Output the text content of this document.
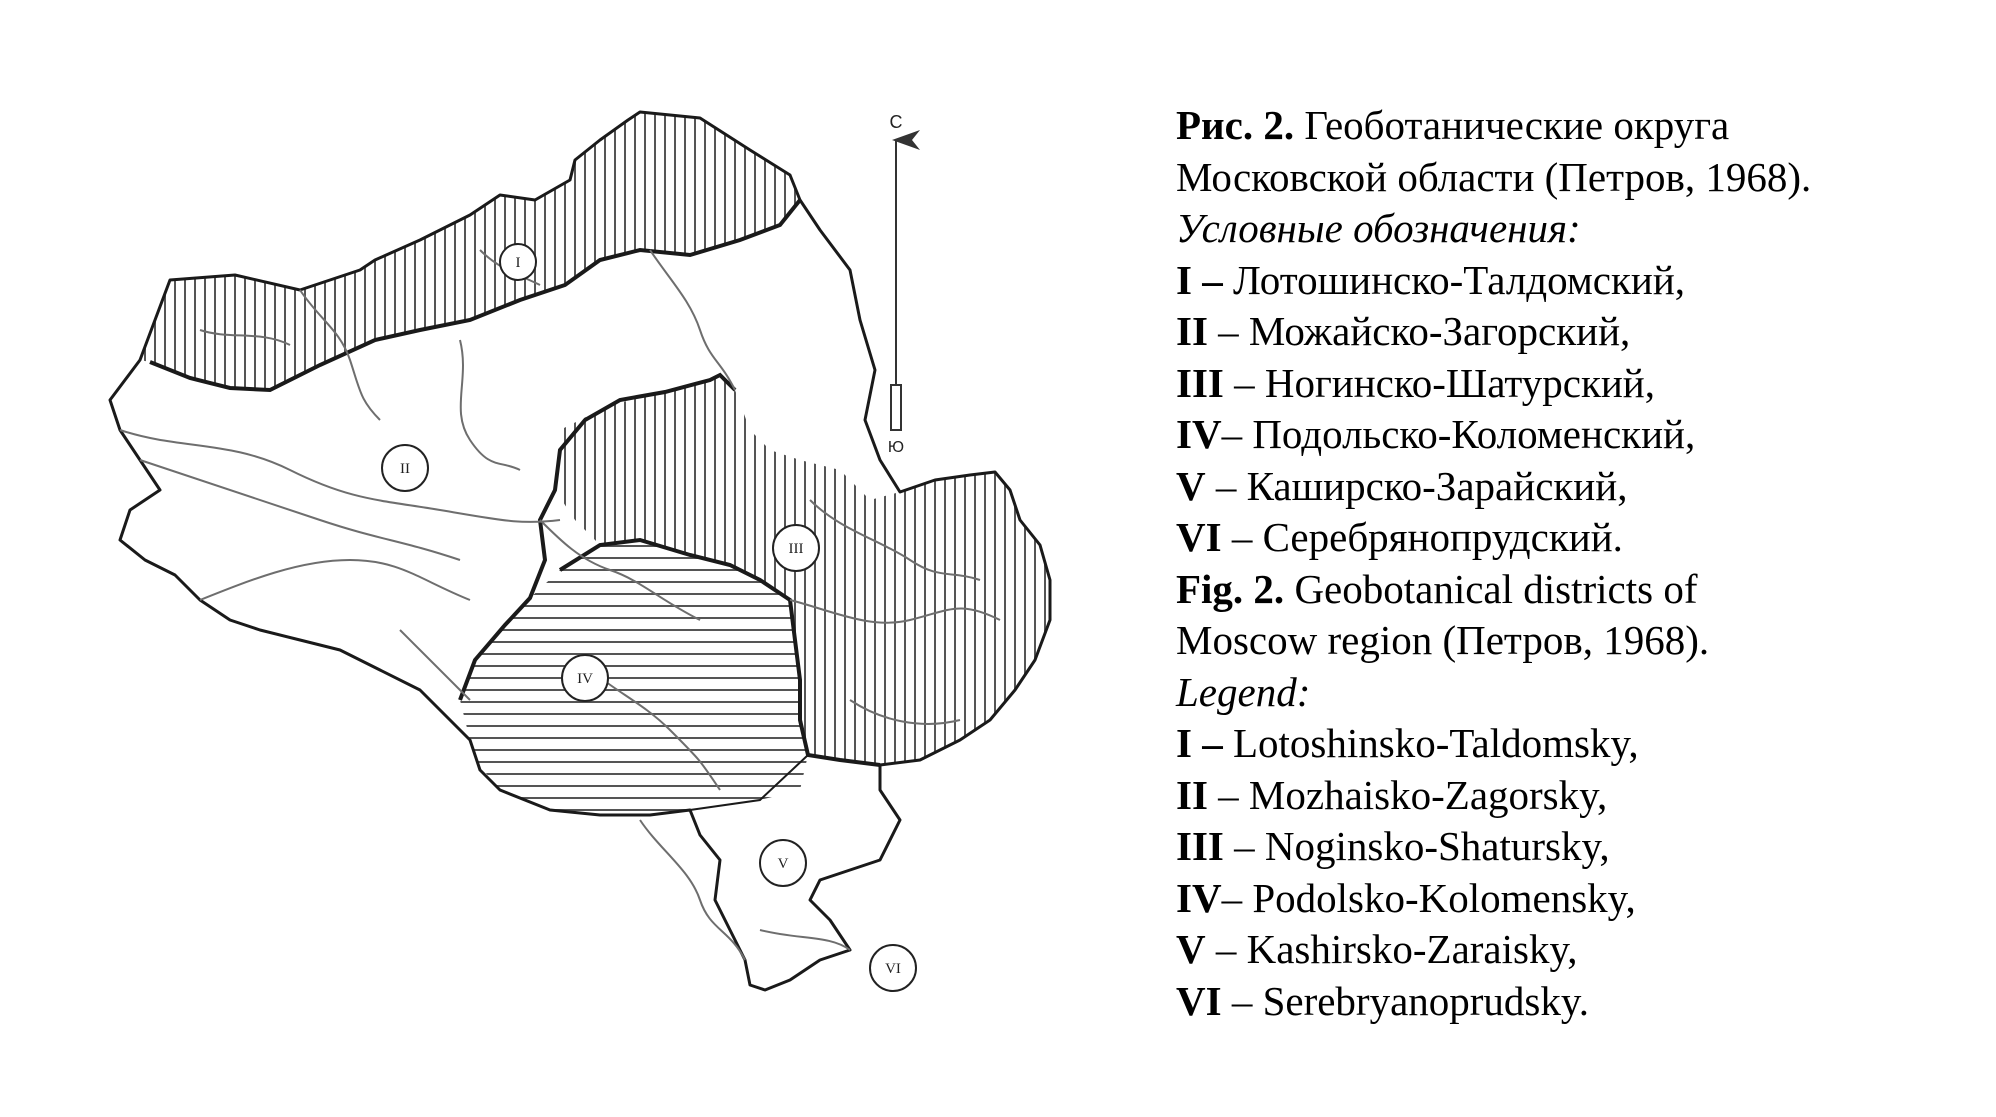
I
II
III
IV
V
VI
С
Ю
Рис. 2. Геоботанические округа
Московской области (Петров, 1968).
Условные обозначения:
I – Лотошинско-Талдомский,
II – Можайско-Загорский,
III – Ногинско-Шатурский,
IV– Подольско-Коломенский,
V – Каширско-Зарайский,
VI – Серебрянопрудский.
Fig. 2. Geobotanical districts of
Moscow region (Петров, 1968).
Legend:
I – Lotoshinsko-Taldomsky,
II – Mozhaisko-Zagorsky,
III – Noginsko-Shatursky,
IV– Podolsko-Kolomensky,
V – Kashirsko-Zaraisky,
VI – Serebryanoprudsky.
